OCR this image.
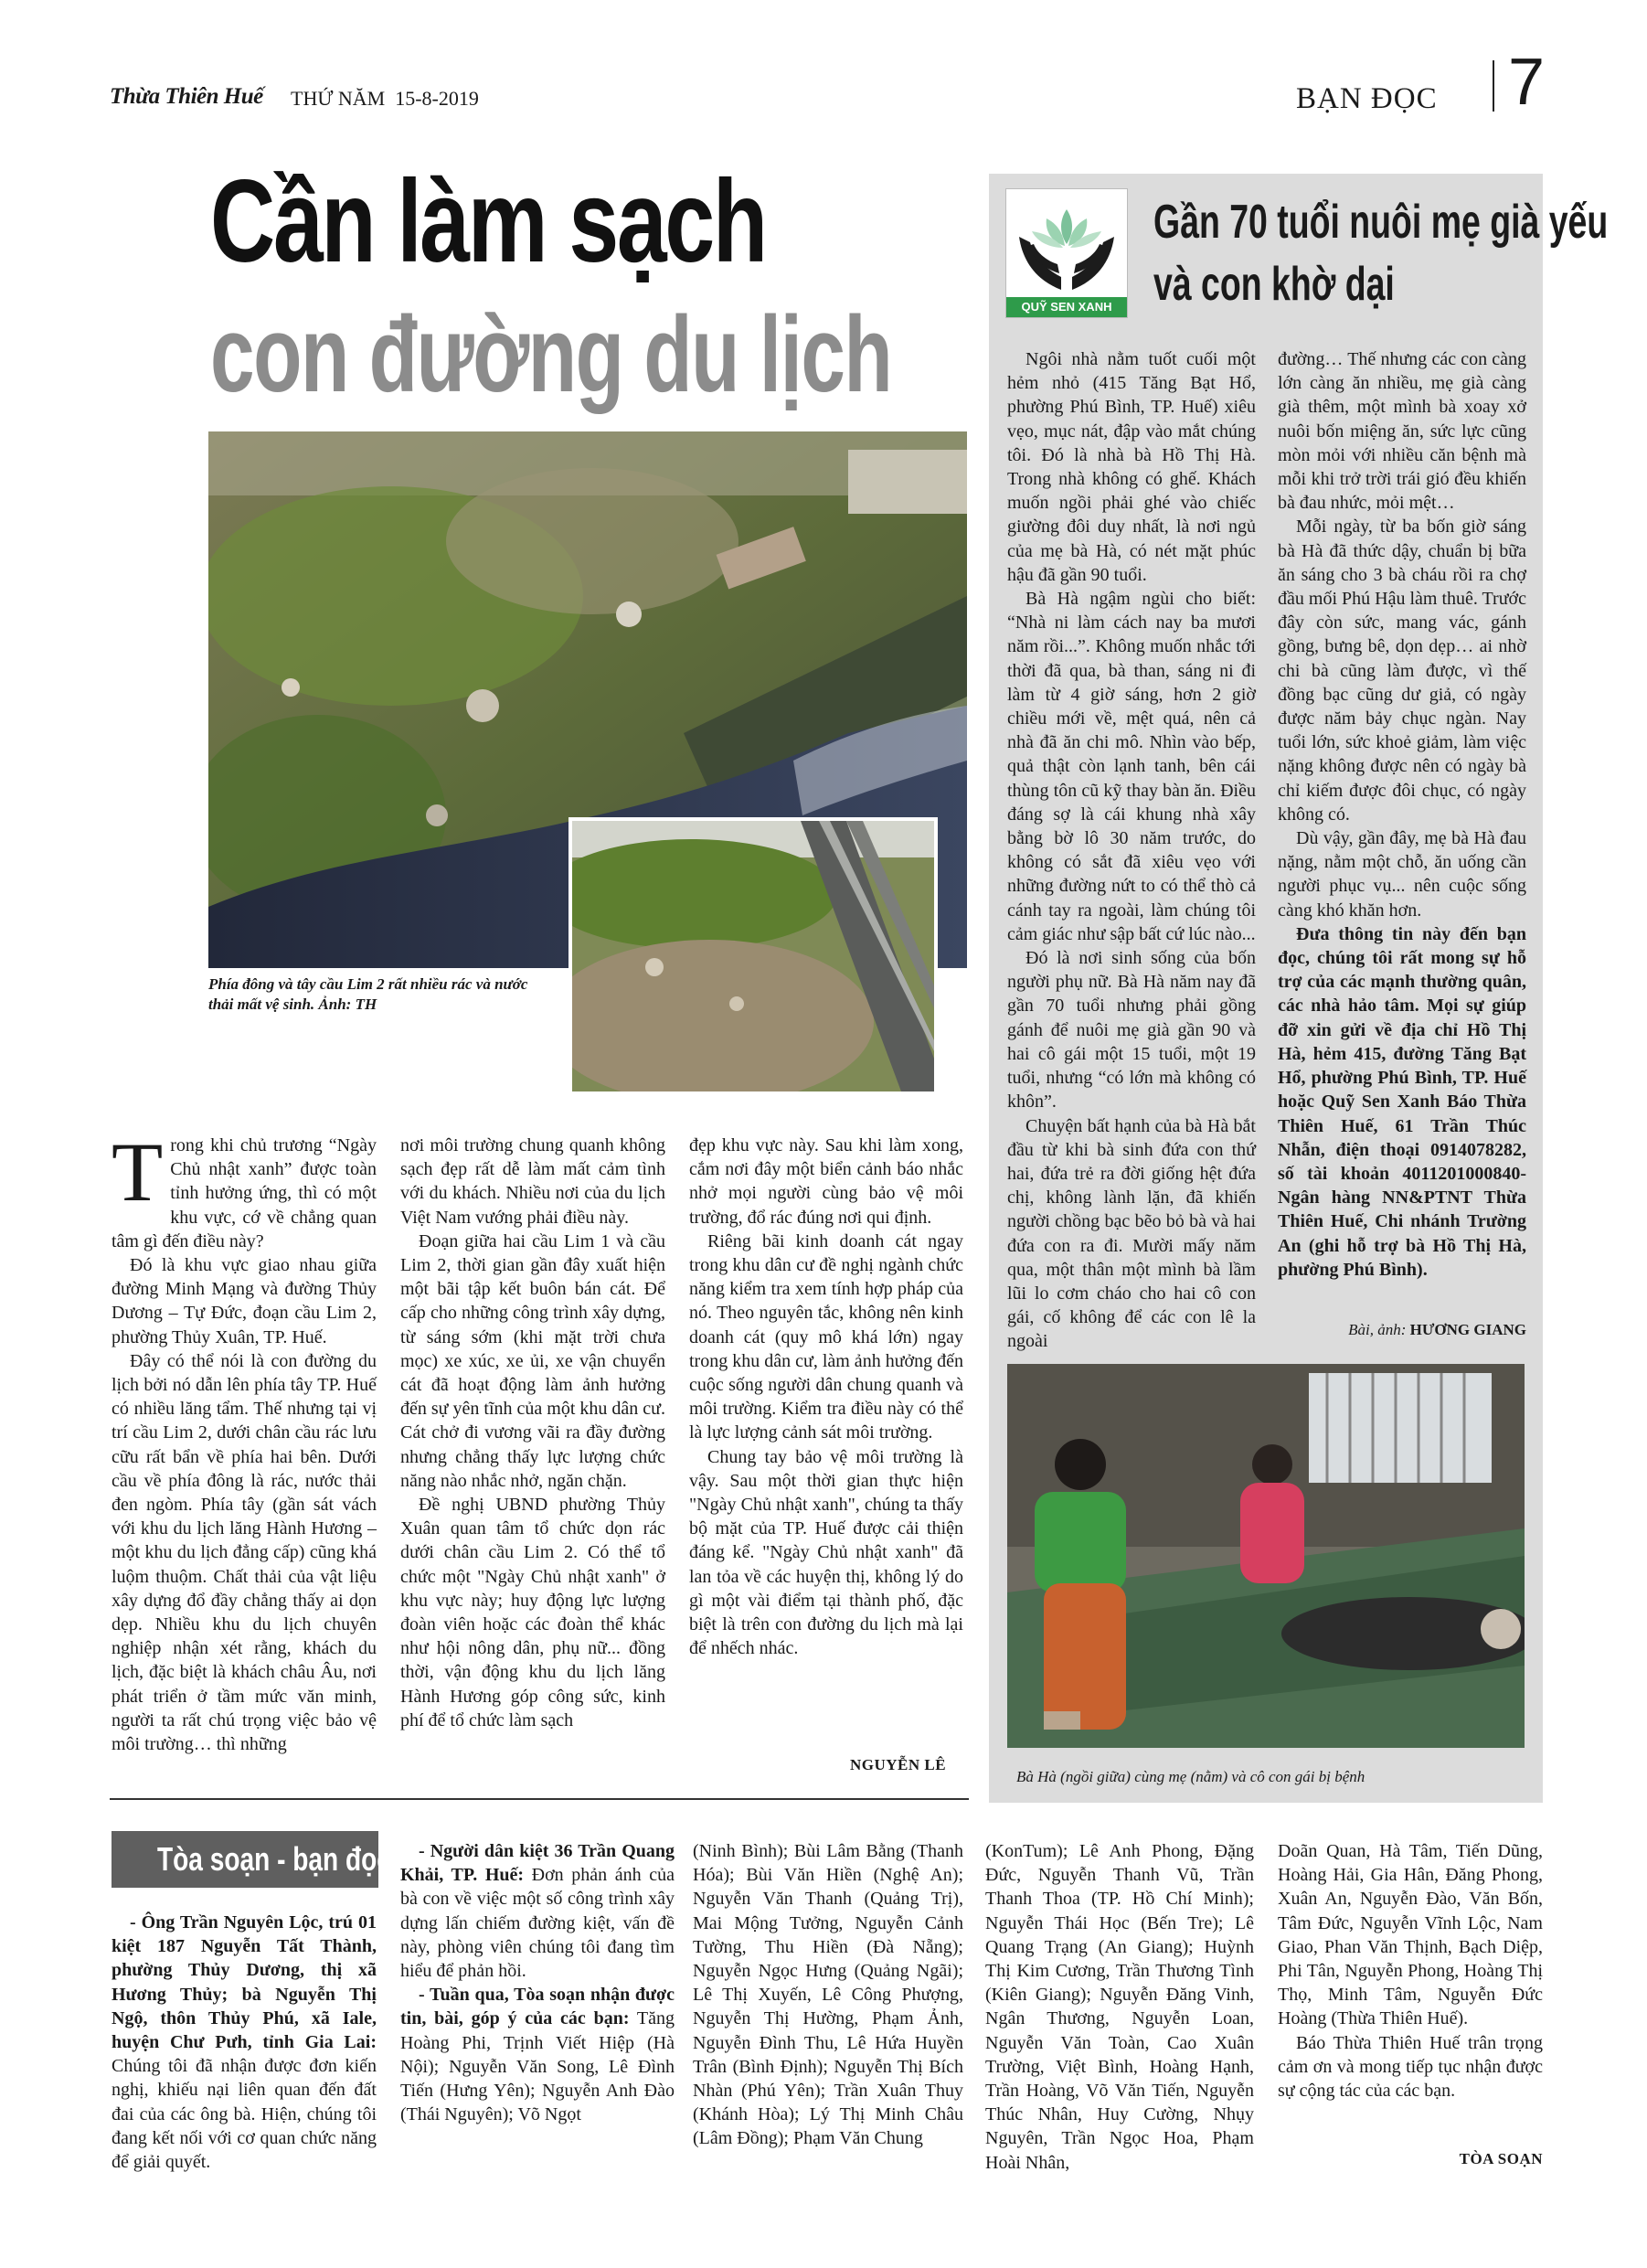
Thừa Thiên Huế THỨ NĂM  15-8-2019	BẠN ĐỌC 7
Cần làm sạch
con đường du lịch
Phía đông và tây cầu Lim 2 rất nhiều rác và nước thải mất vệ sinh. Ảnh: TH

Trong khi chủ trương “Ngày Chủ nhật xanh” được toàn tỉnh hưởng ứng, thì có một khu vực, cớ về chẳng quan tâm gì đến điều này?

Đó là khu vực giao nhau giữa đường Minh Mạng và đường Thủy Dương – Tự Đức, đoạn cầu Lim 2, phường Thủy Xuân, TP. Huế.

Đây có thể nói là con đường du lịch bởi nó dẫn lên phía tây TP. Huế có nhiều lăng tẩm. Thế nhưng tại vị trí cầu Lim 2, dưới chân cầu rác lưu cữu rất bẩn về phía hai bên. Dưới cầu về phía đông là rác, nước thải đen ngòm. Phía tây (gần sát vách với khu du lịch lăng Hành Hương – một khu du lịch đẳng cấp) cũng khá luộm thuộm. Chất thải của vật liệu xây dựng đổ đầy chẳng thấy ai dọn dẹp. Nhiều khu du lịch chuyên nghiệp nhận xét rằng, khách du lịch, đặc biệt là khách châu Âu, nơi phát triển ở tầm mức văn minh, người ta rất chú trọng việc bảo vệ môi trường… thì những

nơi môi trường chung quanh không sạch đẹp rất dễ làm mất cảm tình với du khách. Nhiều nơi của du lịch Việt Nam vướng phải điều này.

Đoạn giữa hai cầu Lim 1 và cầu Lim 2, thời gian gần đây xuất hiện một bãi tập kết buôn bán cát. Để cấp cho những công trình xây dựng, từ sáng sớm (khi mặt trời chưa mọc) xe xúc, xe ủi, xe vận chuyển cát đã hoạt động làm ảnh hưởng đến sự yên tĩnh của một khu dân cư. Cát chở đi vương vãi ra đầy đường nhưng chẳng thấy lực lượng chức năng nào nhắc nhở, ngăn chặn.

Đề nghị UBND phường Thủy Xuân quan tâm tổ chức dọn rác dưới chân cầu Lim 2. Có thể tổ chức một "Ngày Chủ nhật xanh" ở khu vực này; huy động lực lượng đoàn viên hoặc các đoàn thể khác như hội nông dân, phụ nữ... đồng thời, vận động khu du lịch lăng Hành Hương góp công sức, kinh phí để tổ chức làm sạch

đẹp khu vực này. Sau khi làm xong, cắm nơi đây một biển cảnh báo nhắc nhở mọi người cùng bảo vệ môi trường, đổ rác đúng nơi qui định.

Riêng bãi kinh doanh cát ngay trong khu dân cư đề nghị ngành chức năng kiểm tra xem tính hợp pháp của nó. Theo nguyên tắc, không nên kinh doanh cát (quy mô khá lớn) ngay trong khu dân cư, làm ảnh hưởng đến cuộc sống người dân chung quanh và môi trường. Kiểm tra điều này có thể là lực lượng cảnh sát môi trường.

Chung tay bảo vệ môi trường là vậy. Sau một thời gian thực hiện "Ngày Chủ nhật xanh", chúng ta thấy bộ mặt của TP. Huế được cải thiện đáng kể. "Ngày Chủ nhật xanh" đã lan tỏa về các huyện thị, không lý do gì một vài điểm tại thành phố, đặc biệt là trên con đường du lịch mà lại để nhếch nhác.

NGUYỄN LÊ
QUỸ SEN XANH
Gần 70 tuổi nuôi mẹ già yếu
và con khờ dại

Ngôi nhà nằm tuốt cuối một hẻm nhỏ (415 Tăng Bạt Hổ, phường Phú Bình, TP. Huế) xiêu vẹo, mục nát, đập vào mắt chúng tôi. Đó là nhà bà Hồ Thị Hà. Trong nhà không có ghế. Khách muốn ngồi phải ghé vào chiếc giường đôi duy nhất, là nơi ngủ của mẹ bà Hà, có nét mặt phúc hậu đã gần 90 tuổi.

Bà Hà ngậm ngùi cho biết: “Nhà ni làm cách nay ba mươi năm rồi...”. Không muốn nhắc tới thời đã qua, bà than, sáng ni đi làm từ 4 giờ sáng, hơn 2 giờ chiều mới về, mệt quá, nên cả nhà đã ăn chi mô. Nhìn vào bếp, quả thật còn lạnh tanh, bên cái thùng tôn cũ kỹ thay bàn ăn. Điều đáng sợ là cái khung nhà xây bằng bờ lô 30 năm trước, do không có sắt đã xiêu vẹo với những đường nứt to có thể thò cả cánh tay ra ngoài, làm chúng tôi cảm giác như sập bất cứ lúc nào...

Đó là nơi sinh sống của bốn người phụ nữ. Bà Hà năm nay đã gần 70 tuổi nhưng phải gồng gánh để nuôi mẹ già gần 90 và hai cô gái một 15 tuổi, một 19 tuổi, nhưng “có lớn mà không có khôn”.

Chuyện bất hạnh của bà Hà bắt đầu từ khi bà sinh đứa con thứ hai, đứa trẻ ra đời giống hệt đứa chị, không lành lặn, đã khiến người chồng bạc bẽo bỏ bà và hai đứa con ra đi. Mười mấy năm qua, một thân một mình bà lầm lũi lo cơm cháo cho hai cô con gái, cố không để các con lê la ngoài

đường… Thế nhưng các con càng lớn càng ăn nhiều, mẹ già càng già thêm, một mình bà xoay xở nuôi bốn miệng ăn, sức lực cũng mòn mỏi với nhiều căn bệnh mà mỗi khi trở trời trái gió đều khiến bà đau nhức, mỏi mệt…

Mỗi ngày, từ ba bốn giờ sáng bà Hà đã thức dậy, chuẩn bị bữa ăn sáng cho 3 bà cháu rồi ra chợ đầu mối Phú Hậu làm thuê. Trước đây còn sức, mang vác, gánh gồng, bưng bê, dọn dẹp… ai nhờ chi bà cũng làm được, vì thế đồng bạc cũng dư giả, có ngày được năm bảy chục ngàn. Nay tuổi lớn, sức khoẻ giảm, làm việc nặng không được nên có ngày bà chỉ kiếm được đôi chục, có ngày không có.

Dù vậy, gần đây, mẹ bà Hà đau nặng, nằm một chỗ, ăn uống cần người phục vụ... nên cuộc sống càng khó khăn hơn.

Đưa thông tin này đến bạn đọc, chúng tôi rất mong sự hỗ trợ của các mạnh thường quân, các nhà hảo tâm. Mọi sự giúp đỡ xin gửi về địa chỉ Hồ Thị Hà, hẻm 415, đường Tăng Bạt Hổ, phường Phú Bình, TP. Huế hoặc Quỹ Sen Xanh Báo Thừa Thiên Huế, 61 Trần Thúc Nhẫn, điện thoại 0914078282, số tài khoản 4011201000840- Ngân hàng NN&PTNT Thừa Thiên Huế, Chi nhánh Trường An (ghi hỗ trợ bà Hồ Thị Hà, phường Phú Bình).

Bài, ảnh: HƯƠNG GIANG
Bà Hà (ngồi giữa) cùng mẹ (nằm) và cô con gái bị bệnh
Tòa soạn - bạn đọc

- Ông Trần Nguyên Lộc, trú 01 kiệt 187 Nguyễn Tất Thành, phường Thủy Dương, thị xã Hương Thủy; bà Nguyễn Thị Ngộ, thôn Thủy Phú, xã Iale, huyện Chư Pưh, tỉnh Gia Lai: Chúng tôi đã nhận được đơn kiến nghị, khiếu nại liên quan đến đất đai của các ông bà. Hiện, chúng tôi đang kết nối với cơ quan chức năng để giải quyết.

- Người dân kiệt 36 Trần Quang Khải, TP. Huế: Đơn phản ánh của bà con về việc một số công trình xây dựng lấn chiếm đường kiệt, vấn đề này, phòng viên chúng tôi đang tìm hiểu để phản hồi.

- Tuần qua, Tòa soạn nhận được tin, bài, góp ý của các bạn: Tăng Hoàng Phi, Trịnh Viết Hiệp (Hà Nội); Nguyễn Văn Song, Lê Đình Tiến (Hưng Yên); Nguyễn Anh Đào (Thái Nguyên); Võ Ngọt

(Ninh Bình); Bùi Lâm Bằng (Thanh Hóa); Bùi Văn Hiền (Nghệ An); Nguyễn Văn Thanh (Quảng Trị), Mai Mộng Tưởng, Nguyễn Cảnh Tường, Thu Hiền (Đà Nẵng); Nguyễn Ngọc Hưng (Quảng Ngãi); Lê Thị Xuyến, Lê Công Phượng, Nguyễn Thị Hường, Phạm Ảnh, Nguyễn Đình Thu, Lê Hứa Huyền Trân (Bình Định); Nguyễn Thị Bích Nhàn (Phú Yên); Trần Xuân Thuy (Khánh Hòa); Lý Thị Minh Châu (Lâm Đồng); Phạm Văn Chung

(KonTum); Lê Anh Phong, Đặng Đức, Nguyễn Thanh Vũ, Trần Thanh Thoa (TP. Hồ Chí Minh); Nguyễn Thái Học (Bến Tre); Lê Quang Trạng (An Giang); Huỳnh Thị Kim Cương, Trần Thương Tình (Kiên Giang); Nguyễn Đăng Vinh, Ngân Thương, Nguyễn Loan, Nguyễn Văn Toàn, Cao Xuân Trường, Việt Bình, Hoàng Hạnh, Trần Hoàng, Võ Văn Tiến, Nguyễn Thúc Nhân, Huy Cường, Nhụy Nguyên, Trần Ngọc Hoa, Phạm Hoài Nhân,

Doãn Quan, Hà Tâm, Tiến Dũng, Hoàng Hải, Gia Hân, Đăng Phong, Xuân An, Nguyễn Đào, Văn Bốn, Tâm Đức, Nguyễn Vĩnh Lộc, Nam Giao, Phan Văn Thịnh, Bạch Diệp, Phi Tân, Nguyễn Phong, Hoàng Thị Thọ, Minh Tâm, Nguyễn Đức Hoàng (Thừa Thiên Huế).

Báo Thừa Thiên Huế trân trọng cảm ơn và mong tiếp tục nhận được sự cộng tác của các bạn.

TÒA SOẠN
